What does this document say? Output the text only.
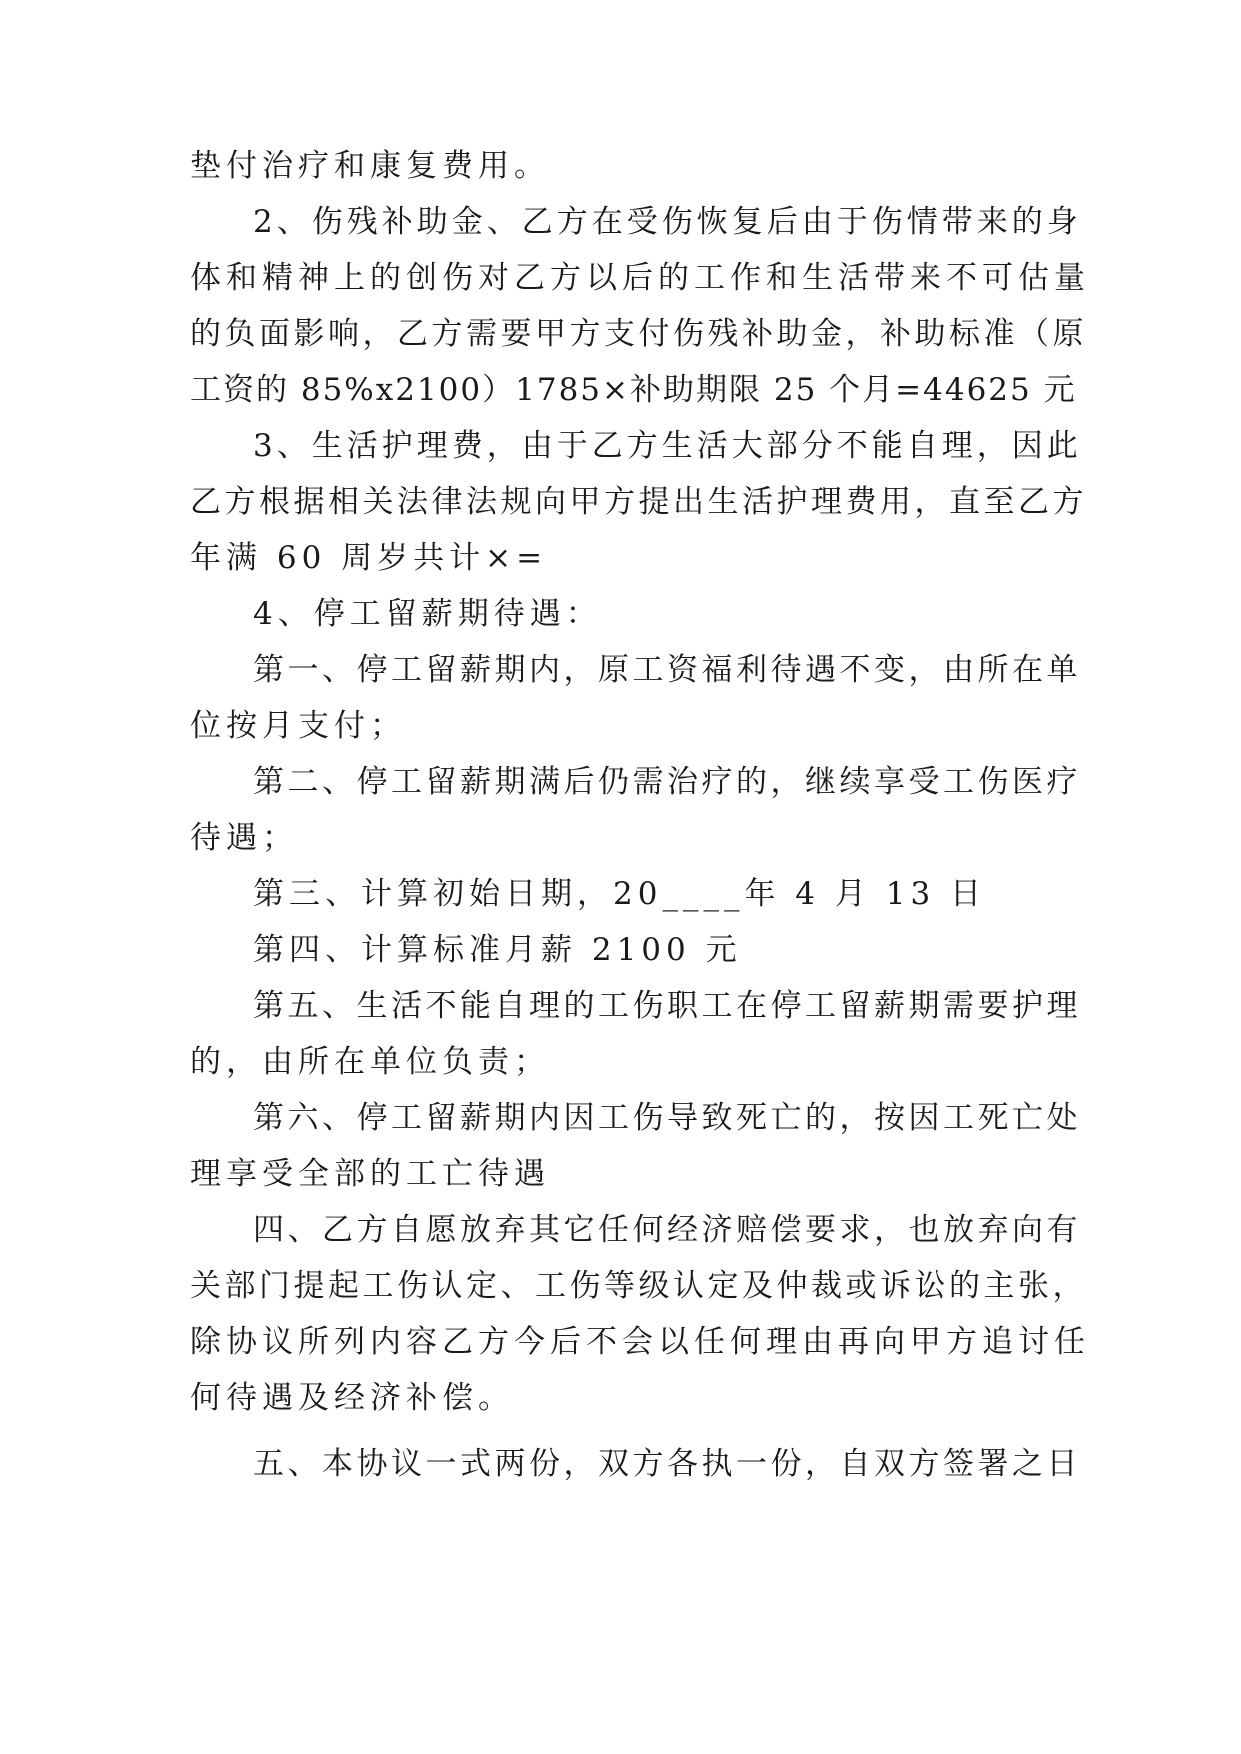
垫付治疗和康复费用。
2、伤残补助金、乙方在受伤恢复后由于伤情带来的身
体和精神上的创伤对乙方以后的工作和生活带来不可估量
的负面影响，乙方需要甲方支付伤残补助金，补助标准（原
工资的 85%x2100）1785×补助期限 25 个月=44625 元
3、生活护理费，由于乙方生活大部分不能自理，因此
乙方根据相关法律法规向甲方提出生活护理费用，直至乙方
年满 60 周岁共计×=
4、停工留薪期待遇：
第一、停工留薪期内，原工资福利待遇不变，由所在单
位按月支付；
第二、停工留薪期满后仍需治疗的，继续享受工伤医疗
待遇；
第三、计算初始日期，20____年 4 月 13 日
第四、计算标准月薪 2100 元
第五、生活不能自理的工伤职工在停工留薪期需要护理
的，由所在单位负责；
第六、停工留薪期内因工伤导致死亡的，按因工死亡处
理享受全部的工亡待遇
四、乙方自愿放弃其它任何经济赔偿要求，也放弃向有
关部门提起工伤认定、工伤等级认定及仲裁或诉讼的主张，
除协议所列内容乙方今后不会以任何理由再向甲方追讨任
何待遇及经济补偿。
五、本协议一式两份，双方各执一份，自双方签署之日
